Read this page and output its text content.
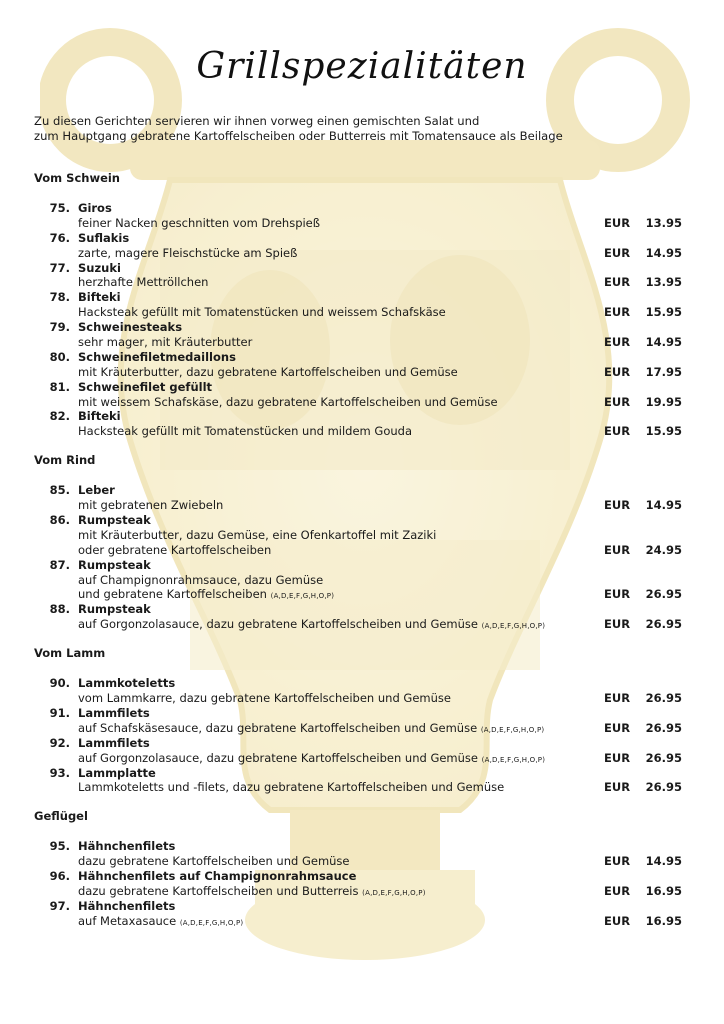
Grillspezialitäten
Zu diesen Gerichten servieren wir ihnen vorweg einen gemischten Salat und
zum Hauptgang gebratene Kartoffelscheiben oder Butterreis mit Tomatensauce als Beilage
Vom Schwein
75. Giros
feiner Nacken geschnitten vom Drehspieß	EUR 13.95
76. Suflakis
zarte, magere Fleischstücke am Spieß	EUR 14.95
77. Suzuki
herzhafte Mettröllchen	EUR 13.95
78. Bifteki
Hacksteak gefüllt mit Tomatenstücken und weissem Schafskäse	EUR 15.95
79. Schweinesteaks
sehr mager, mit Kräuterbutter	EUR 14.95
80. Schweinefiletmedaillons
mit Kräuterbutter, dazu gebratene Kartoffelscheiben und Gemüse	EUR 17.95
81. Schweinefilet gefüllt
mit weissem Schafskäse, dazu gebratene Kartoffelscheiben und Gemüse	EUR 19.95
82. Bifteki
Hacksteak gefüllt mit Tomatenstücken und mildem Gouda	EUR 15.95
Vom Rind
85. Leber
mit gebratenen Zwiebeln	EUR 14.95
86. Rumpsteak
mit Kräuterbutter, dazu Gemüse, eine Ofenkartoffel mit Zaziki
oder gebratene Kartoffelscheiben	EUR 24.95
87. Rumpsteak
auf Champignonrahmsauce, dazu Gemüse
und gebratene Kartoffelscheiben (A,D,E,F,G,H,O,P)	EUR 26.95
88. Rumpsteak
auf Gorgonzolasauce, dazu gebratene Kartoffelscheiben und Gemüse (A,D,E,F,G,H,O,P)	EUR 26.95
Vom Lamm
90. Lammkoteletts
vom Lammkarre, dazu gebratene Kartoffelscheiben und Gemüse	EUR 26.95
91. Lammfilets
auf Schafskäsesauce, dazu gebratene Kartoffelscheiben und Gemüse (A,D,E,F,G,H,O,P)	EUR 26.95
92. Lammfilets
auf Gorgonzolasauce, dazu gebratene Kartoffelscheiben und Gemüse (A,D,E,F,G,H,O,P)	EUR 26.95
93. Lammplatte
Lammkoteletts und -filets, dazu gebratene Kartoffelscheiben und Gemüse	EUR 26.95
Geflügel
95. Hähnchenfilets
dazu gebratene Kartoffelscheiben und Gemüse	EUR 14.95
96. Hähnchenfilets auf Champignonrahmsauce
dazu gebratene Kartoffelscheiben und Butterreis (A,D,E,F,G,H,O,P)	EUR 16.95
97. Hähnchenfilets
auf Metaxasauce (A,D,E,F,G,H,O,P)	EUR 16.95
